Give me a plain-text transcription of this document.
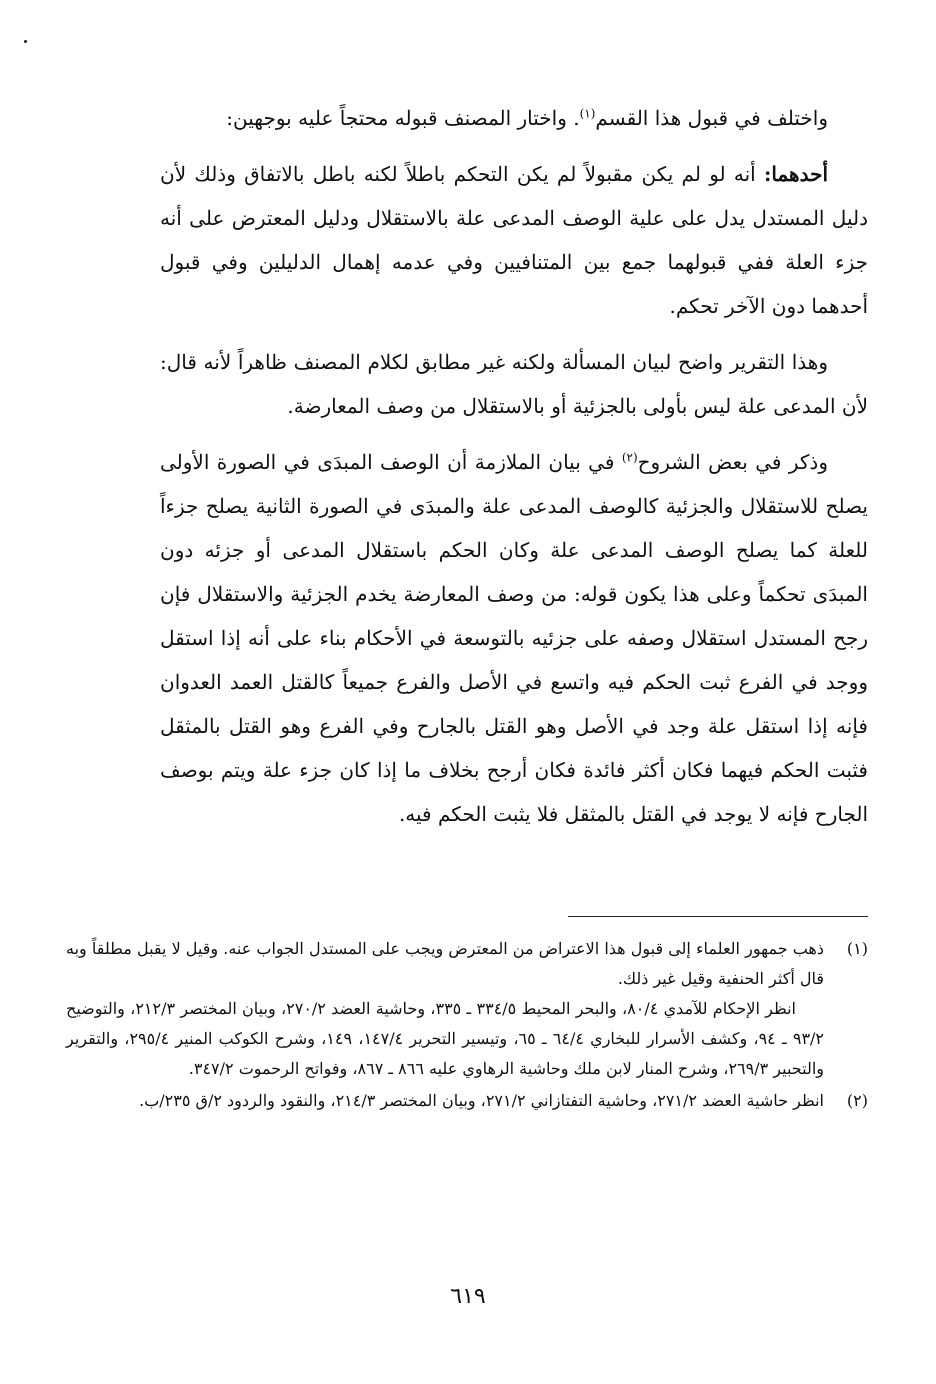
واختلف في قبول هذا القسم$^{(١)}$. واختار المصنف قبوله محتجاً عليه بوجهين:

أحدهما: أنه لو لم يكن مقبولاً لم يكن التحكم باطلاً لكنه باطل بالاتفاق وذلك لأن دليل المستدل يدل على علية الوصف المدعى علة بالاستقلال ودليل المعترض على أنه جزء العلة ففي قبولهما جمع بين المتنافيين وفي عدمه إهمال الدليلين وفي قبول أحدهما دون الآخر تحكم.

وهذا التقرير واضح لبيان المسألة ولكنه غير مطابق لكلام المصنف ظاهراً لأنه قال: لأن المدعى علة ليس بأولى بالجزئية أو بالاستقلال من وصف المعارضة.

وذكر في بعض الشروح$^{(٢)}$ في بيان الملازمة أن الوصف المبدَى في الصورة الأولى يصلح للاستقلال والجزئية كالوصف المدعى علة والمبدَى في الصورة الثانية يصلح جزءاً للعلة كما يصلح الوصف المدعى علة وكان الحكم باستقلال المدعى أو جزئه دون المبدَى تحكماً وعلى هذا يكون قوله: من وصف المعارضة يخدم الجزئية والاستقلال فإن رجح المستدل استقلال وصفه على جزئيه بالتوسعة في الأحكام بناء على أنه إذا استقل ووجد في الفرع ثبت الحكم فيه واتسع في الأصل والفرع جميعاً كالقتل العمد العدوان فإنه إذا استقل علة وجد في الأصل وهو القتل بالجارح وفي الفرع وهو القتل بالمثقل فثبت الحكم فيهما فكان أكثر فائدة فكان أرجح بخلاف ما إذا كان جزء علة ويتم بوصف الجارح فإنه لا يوجد في القتل بالمثقل فلا يثبت الحكم فيه.

(١)

ذهب جمهور العلماء إلى قبول هذا الاعتراض من المعترض ويجب على المستدل الجواب عنه. وقيل لا يقبل مطلقاً وبه قال أكثر الحنفية وقيل غير ذلك.

انظر الإحكام للآمدي ٨٠/٤، والبحر المحيط ٣٣٤/٥ ـ ٣٣٥، وحاشية العضد ٢٧٠/٢، وبيان المختصر ٢١٢/٣، والتوضيح ٩٣/٢ ـ ٩٤، وكشف الأسرار للبخاري ٦٤/٤ ـ ٦٥، وتيسير التحرير ١٤٧/٤، ١٤٩، وشرح الكوكب المنير ٢٩٥/٤، والتقرير والتحبير ٢٦٩/٣، وشرح المنار لابن ملك وحاشية الرهاوي عليه ٨٦٦ ـ ٨٦٧، وفواتح الرحموت ٣٤٧/٢.

(٢)

انظر حاشية العضد ٢٧١/٢، وحاشية التفتازاني ٢٧١/٢، وبيان المختصر ٢١٤/٣، والنقود والردود ٢/ق ٢٣٥/ب.

٦١٩
